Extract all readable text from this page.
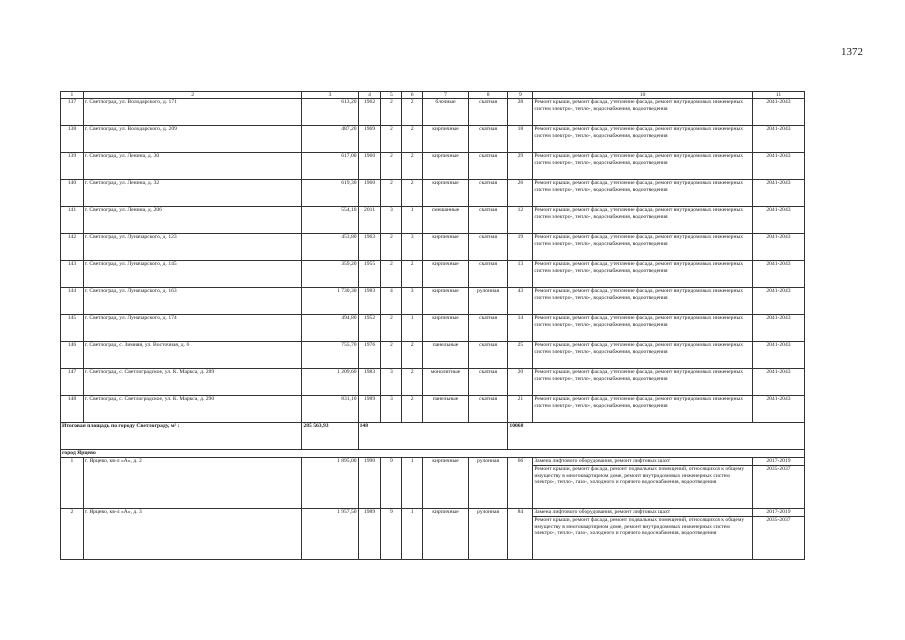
1372
1	2	3	4	5	6	7	8	9	10	11
137	г. Светлоград, ул. Володарского, д. 171	613,20	1962	2	2	блочные	скатная	28	Ремонт крыши, ремонт фасада, утепление фасада, ремонт внутридомовых инженерных систем электро-, тепло-, водоснабжения, водоотведения	2041-2043
138	г. Светлоград, ул. Володарского, д. 209	487,20	1969	2	2	кирпичные	скатная	18	Ремонт крыши, ремонт фасада, утепление фасада, ремонт внутридомовых инженерных систем электро-, тепло-, водоснабжения, водоотведения	2041-2043
139	г. Светлоград, ул. Ленина, д. 30	617,00	1960	2	2	кирпичные	скатная	29	Ремонт крыши, ремонт фасада, утепление фасада, ремонт внутридомовых инженерных систем электро-, тепло-, водоснабжения, водоотведения	2041-2043
140	г. Светлоград, ул. Ленина, д. 32	619,30	1960	2	2	кирпичные	скатная	26	Ремонт крыши, ремонт фасада, утепление фасада, ремонт внутридомовых инженерных систем электро-, тепло-, водоснабжения, водоотведения	2041-2043
141	г. Светлоград, ул. Ленина, д. 206	554,10	2011	3	1	смешанные	скатная	12	Ремонт крыши, ремонт фасада, утепление фасада, ремонт внутридомовых инженерных систем электро-, тепло-, водоснабжения, водоотведения	2041-2043
142	г. Светлоград, ул. Луначарского, д. 123	453,80	1963	2	3	кирпичные	скатная	19	Ремонт крыши, ремонт фасада, утепление фасада, ремонт внутридомовых инженерных систем электро-, тепло-, водоснабжения, водоотведения	2041-2043
143	г. Светлоград, ул. Луначарского, д. 145	359,20	1955	2	2	кирпичные	скатная	13	Ремонт крыши, ремонт фасада, утепление фасада, ремонт внутридомовых инженерных систем электро-, тепло-, водоснабжения, водоотведения	2041-2043
144	г. Светлоград, ул. Луначарского, д. 163	1 730,30	1983	4	3	кирпичные	рулонная	43	Ремонт крыши, ремонт фасада, утепление фасада, ремонт внутридомовых инженерных систем электро-, тепло-, водоснабжения, водоотведения	2041-2043
145	г. Светлоград, ул. Луначарского, д. 174	494,80	1952	2	1	кирпичные	скатная	14	Ремонт крыши, ремонт фасада, утепление фасада, ремонт внутридомовых инженерных систем электро-, тепло-, водоснабжения, водоотведения	2041-2043
146	г. Светлоград, с. Зимняя, ул. Восточная, д. 6	755,70	1976	2	2	панельные	скатная	25	Ремонт крыши, ремонт фасада, утепление фасада, ремонт внутридомовых инженерных систем электро-, тепло-, водоснабжения, водоотведения	2041-2043
147	г. Светлоград, с. Светлоградское, ул. К. Маркса, д. 289	1 209,60	1983	3	2	монолитные	скатная	20	Ремонт крыши, ремонт фасада, утепление фасада, ремонт внутридомовых инженерных систем электро-, тепло-, водоснабжения, водоотведения	2041-2043
148	г. Светлоград, с. Светлоградское, ул. К. Маркса, д. 290	831,10	1989	3	2	панельные	скатная	21	Ремонт крыши, ремонт фасада, утепление фасада, ремонт внутридомовых инженерных систем электро-, тепло-, водоснабжения, водоотведения	2041-2043
Итоговая площадь по городу Светлограду, м² :		285 563,93	148					10068		
город Ярцево										
1	г. Ярцево, кв-л «А», д. 2	1 895,00	1990	9	1	кирпичные	рулонная	66	Замена лифтового оборудования, ремонт лифтовых шахт	2017-2019
									Ремонт крыши, ремонт фасада, ремонт подвальных помещений, относящихся к общему имуществу в многоквартирном доме, ремонт внутридомовых инженерных систем электро-, тепло-, газо-, холодного и горячего водоснабжения, водоотведения	2035-2037
2	г. Ярцево, кв-л «А», д. 3	1 957,50	1989	9	1	кирпичные	рулонная	84	Замена лифтового оборудования, ремонт лифтовых шахт	2017-2019
									Ремонт крыши, ремонт фасада, ремонт подвальных помещений, относящихся к общему имуществу в многоквартирном доме, ремонт внутридомовых инженерных систем электро-, тепло-, газо-, холодного и горячего водоснабжения, водоотведения	2035-2037
